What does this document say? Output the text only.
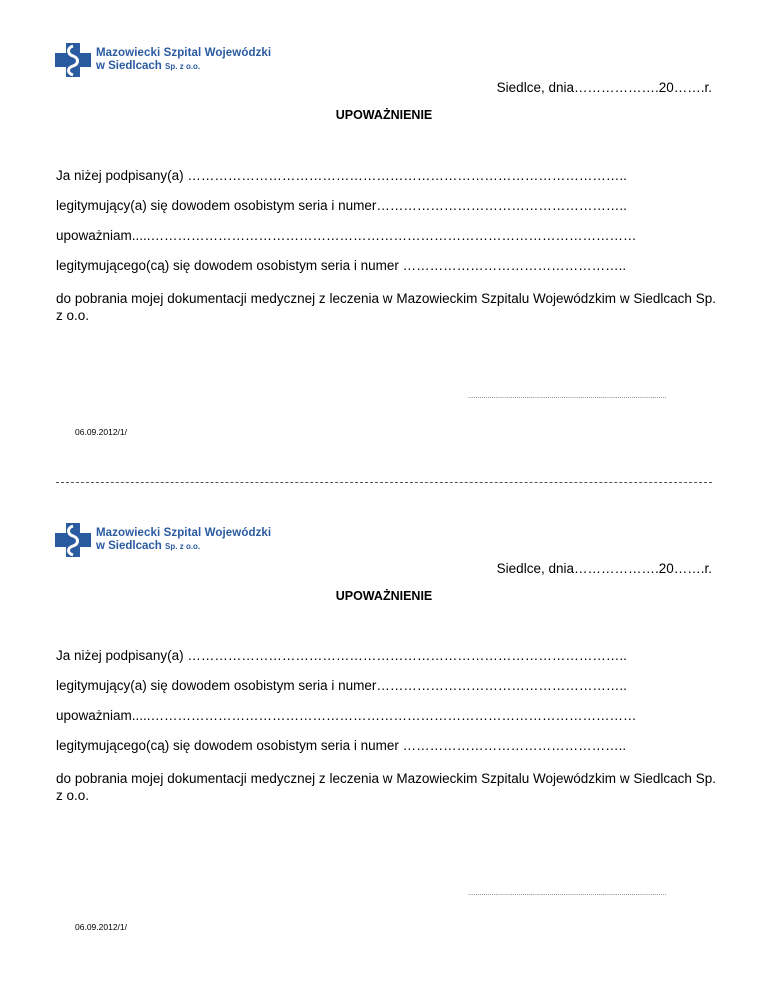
Mazowiecki Szpital Wojewódzki
w Siedlcach Sp. z o.o.
Siedlce, dnia……………….20…….r.
UPOWAŻNIENIE
Ja niżej podpisany(a) ……………………………………………………………………………………..
legitymujący(a) się dowodem osobistym seria i numer………………………………………………..
upoważniam.....………………………………………………………………………………………………
legitymującego(cą) się dowodem osobistym seria i numer …………………………………………..
do pobrania mojej dokumentacji medycznej z leczenia w Mazowieckim Szpitalu Wojewódzkim w Siedlcach Sp. z o.o.
......................................................................................................
06.09.2012/1/
Mazowiecki Szpital Wojewódzki
w Siedlcach Sp. z o.o.
Siedlce, dnia……………….20…….r.
UPOWAŻNIENIE
Ja niżej podpisany(a) ……………………………………………………………………………………..
legitymujący(a) się dowodem osobistym seria i numer………………………………………………..
upoważniam.....………………………………………………………………………………………………
legitymującego(cą) się dowodem osobistym seria i numer …………………………………………..
do pobrania mojej dokumentacji medycznej z leczenia w Mazowieckim Szpitalu Wojewódzkim w Siedlcach Sp. z o.o.
......................................................................................................
06.09.2012/1/
